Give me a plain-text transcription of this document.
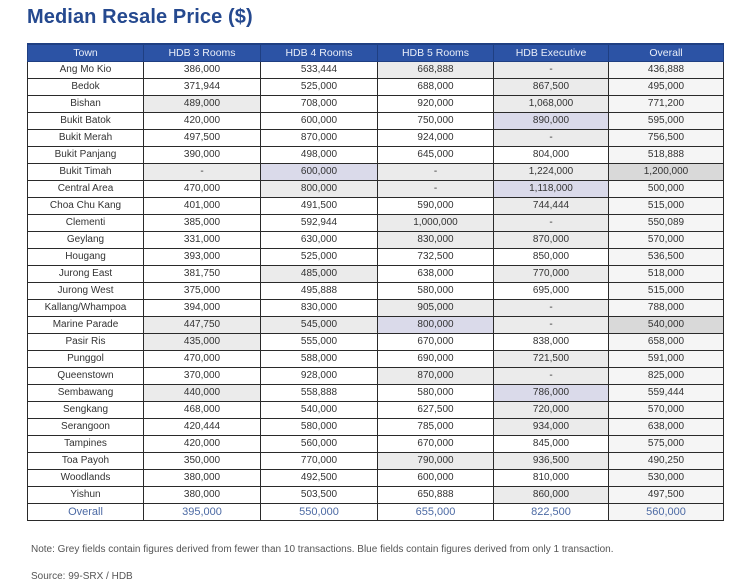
Median Resale Price ($)
Town	HDB 3 Rooms	HDB 4 Rooms	HDB 5 Rooms	HDB Executive	Overall
Ang Mo Kio	386,000	533,444	668,888	-	436,888
Bedok	371,944	525,000	688,000	867,500	495,000
Bishan	489,000	708,000	920,000	1,068,000	771,200
Bukit Batok	420,000	600,000	750,000	890,000	595,000
Bukit Merah	497,500	870,000	924,000	-	756,500
Bukit Panjang	390,000	498,000	645,000	804,000	518,888
Bukit Timah	-	600,000	-	1,224,000	1,200,000
Central Area	470,000	800,000	-	1,118,000	500,000
Choa Chu Kang	401,000	491,500	590,000	744,444	515,000
Clementi	385,000	592,944	1,000,000	-	550,089
Geylang	331,000	630,000	830,000	870,000	570,000
Hougang	393,000	525,000	732,500	850,000	536,500
Jurong East	381,750	485,000	638,000	770,000	518,000
Jurong West	375,000	495,888	580,000	695,000	515,000
Kallang/Whampoa	394,000	830,000	905,000	-	788,000
Marine Parade	447,750	545,000	800,000	-	540,000
Pasir Ris	435,000	555,000	670,000	838,000	658,000
Punggol	470,000	588,000	690,000	721,500	591,000
Queenstown	370,000	928,000	870,000	-	825,000
Sembawang	440,000	558,888	580,000	786,000	559,444
Sengkang	468,000	540,000	627,500	720,000	570,000
Serangoon	420,444	580,000	785,000	934,000	638,000
Tampines	420,000	560,000	670,000	845,000	575,000
Toa Payoh	350,000	770,000	790,000	936,500	490,250
Woodlands	380,000	492,500	600,000	810,000	530,000
Yishun	380,000	503,500	650,888	860,000	497,500
Overall	395,000	550,000	655,000	822,500	560,000
Note: Grey fields contain figures derived from fewer than 10 transactions. Blue fields contain figures derived from only 1 transaction.
Source: 99-SRX / HDB
